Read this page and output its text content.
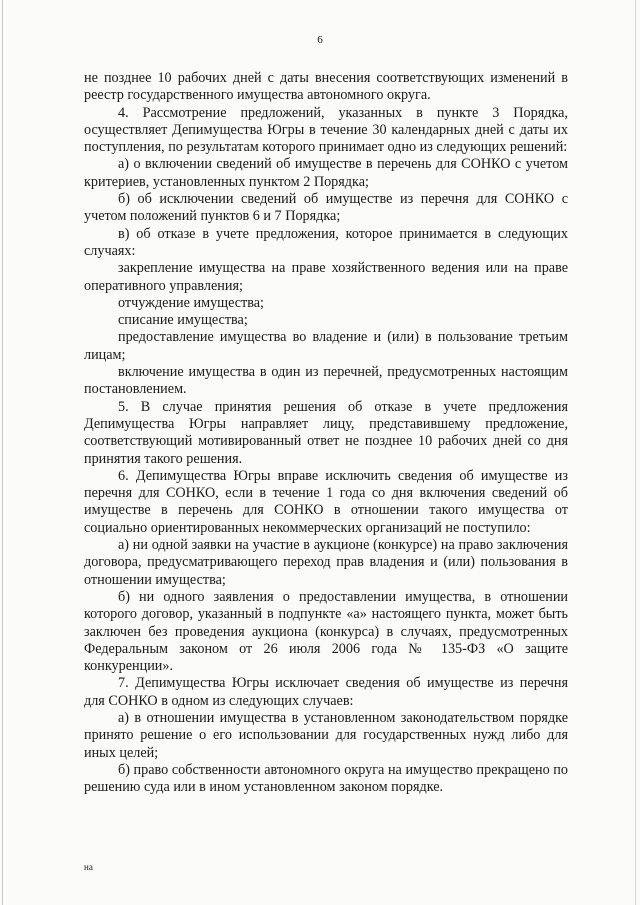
6

не позднее 10 рабочих дней с даты внесения соответствующих изменений в реестр государственного имущества автономного округа.

4. Рассмотрение предложений, указанных в пункте 3 Порядка, осуществляет Депимущества Югры в течение 30 календарных дней с даты их поступления, по результатам которого принимает одно из следующих решений:

а) о включении сведений об имуществе в перечень для СОНКО с учетом критериев, установленных пунктом 2 Порядка;

б) об исключении сведений об имуществе из перечня для СОНКО с учетом положений пунктов 6 и 7 Порядка;

в) об отказе в учете предложения, которое принимается в следующих случаях:

закрепление имущества на праве хозяйственного ведения или на праве оперативного управления;

отчуждение имущества;

списание имущества;

предоставление имущества во владение и (или) в пользование третьим лицам;

включение имущества в один из перечней, предусмотренных настоящим постановлением.

5. В случае принятия решения об отказе в учете предложения Депимущества Югры направляет лицу, представившему предложение, соответствующий мотивированный ответ не позднее 10 рабочих дней со дня принятия такого решения.

6. Депимущества Югры вправе исключить сведения об имуществе из перечня для СОНКО, если в течение 1 года со дня включения сведений об имуществе в перечень для СОНКО в отношении такого имущества от социально ориентированных некоммерческих организаций не поступило:

а) ни одной заявки на участие в аукционе (конкурсе) на право заключения договора, предусматривающего переход прав владения и (или) пользования в отношении имущества;

б) ни одного заявления о предоставлении имущества, в отношении которого договор, указанный в подпункте «а» настоящего пункта, может быть заключен без проведения аукциона (конкурса) в случаях, предусмотренных Федеральным законом от 26 июля 2006 года № 135-ФЗ «О защите конкуренции».

7. Депимущества Югры исключает сведения об имуществе из перечня для СОНКО в одном из следующих случаев:

а) в отношении имущества в установленном законодательством порядке принято решение о его использовании для государственных нужд либо для иных целей;

б) право собственности автономного округа на имущество прекращено по решению суда или в ином установленном законом порядке.

на
